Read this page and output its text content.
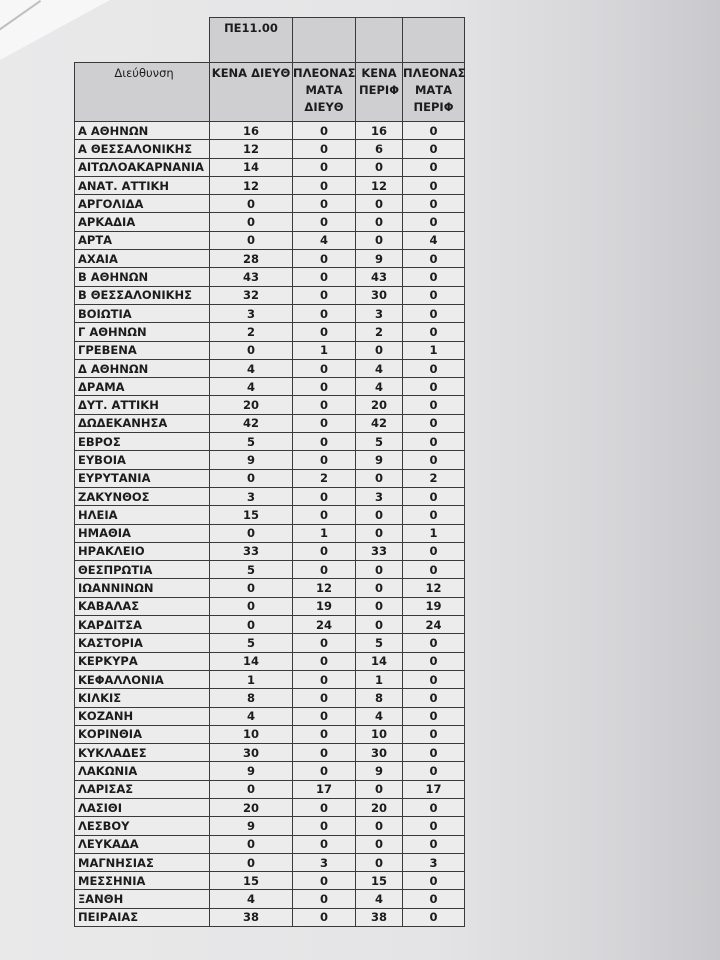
	ΠΕ11.00			
Διεύθυνση	ΚΕΝΑ ΔΙΕΥΘ	ΠΛΕΟΝΑΣ ΜΑΤΑ ΔΙΕΥΘ	ΚΕΝΑ ΠΕΡΙΦ	ΠΛΕΟΝΑΣ ΜΑΤΑ ΠΕΡΙΦ
Α ΑΘΗΝΩΝ	16	0	16	0
Α ΘΕΣΣΑΛΟΝΙΚΗΣ	12	0	6	0
ΑΙΤΩΛΟΑΚΑΡΝΑΝΙΑ	14	0	0	0
ΑΝΑΤ. ΑΤΤΙΚΗ	12	0	12	0
ΑΡΓΟΛΙΔΑ	0	0	0	0
ΑΡΚΑΔΙΑ	0	0	0	0
ΑΡΤΑ	0	4	0	4
ΑΧΑΙΑ	28	0	9	0
Β ΑΘΗΝΩΝ	43	0	43	0
Β ΘΕΣΣΑΛΟΝΙΚΗΣ	32	0	30	0
ΒΟΙΩΤΙΑ	3	0	3	0
Γ ΑΘΗΝΩΝ	2	0	2	0
ΓΡΕΒΕΝΑ	0	1	0	1
Δ ΑΘΗΝΩΝ	4	0	4	0
ΔΡΑΜΑ	4	0	4	0
ΔΥΤ. ΑΤΤΙΚΗ	20	0	20	0
ΔΩΔΕΚΑΝΗΣΑ	42	0	42	0
ΕΒΡΟΣ	5	0	5	0
ΕΥΒΟΙΑ	9	0	9	0
ΕΥΡΥΤΑΝΙΑ	0	2	0	2
ΖΑΚΥΝΘΟΣ	3	0	3	0
ΗΛΕΙΑ	15	0	0	0
ΗΜΑΘΙΑ	0	1	0	1
ΗΡΑΚΛΕΙΟ	33	0	33	0
ΘΕΣΠΡΩΤΙΑ	5	0	0	0
ΙΩΑΝΝΙΝΩΝ	0	12	0	12
ΚΑΒΑΛΑΣ	0	19	0	19
ΚΑΡΔΙΤΣΑ	0	24	0	24
ΚΑΣΤΟΡΙΑ	5	0	5	0
ΚΕΡΚΥΡΑ	14	0	14	0
ΚΕΦΑΛΛΟΝΙΑ	1	0	1	0
ΚΙΛΚΙΣ	8	0	8	0
ΚΟΖΑΝΗ	4	0	4	0
ΚΟΡΙΝΘΙΑ	10	0	10	0
ΚΥΚΛΑΔΕΣ	30	0	30	0
ΛΑΚΩΝΙΑ	9	0	9	0
ΛΑΡΙΣΑΣ	0	17	0	17
ΛΑΣΙΘΙ	20	0	20	0
ΛΕΣΒΟΥ	9	0	0	0
ΛΕΥΚΑΔΑ	0	0	0	0
ΜΑΓΝΗΣΙΑΣ	0	3	0	3
ΜΕΣΣΗΝΙΑ	15	0	15	0
ΞΑΝΘΗ	4	0	4	0
ΠΕΙΡΑΙΑΣ	38	0	38	0
